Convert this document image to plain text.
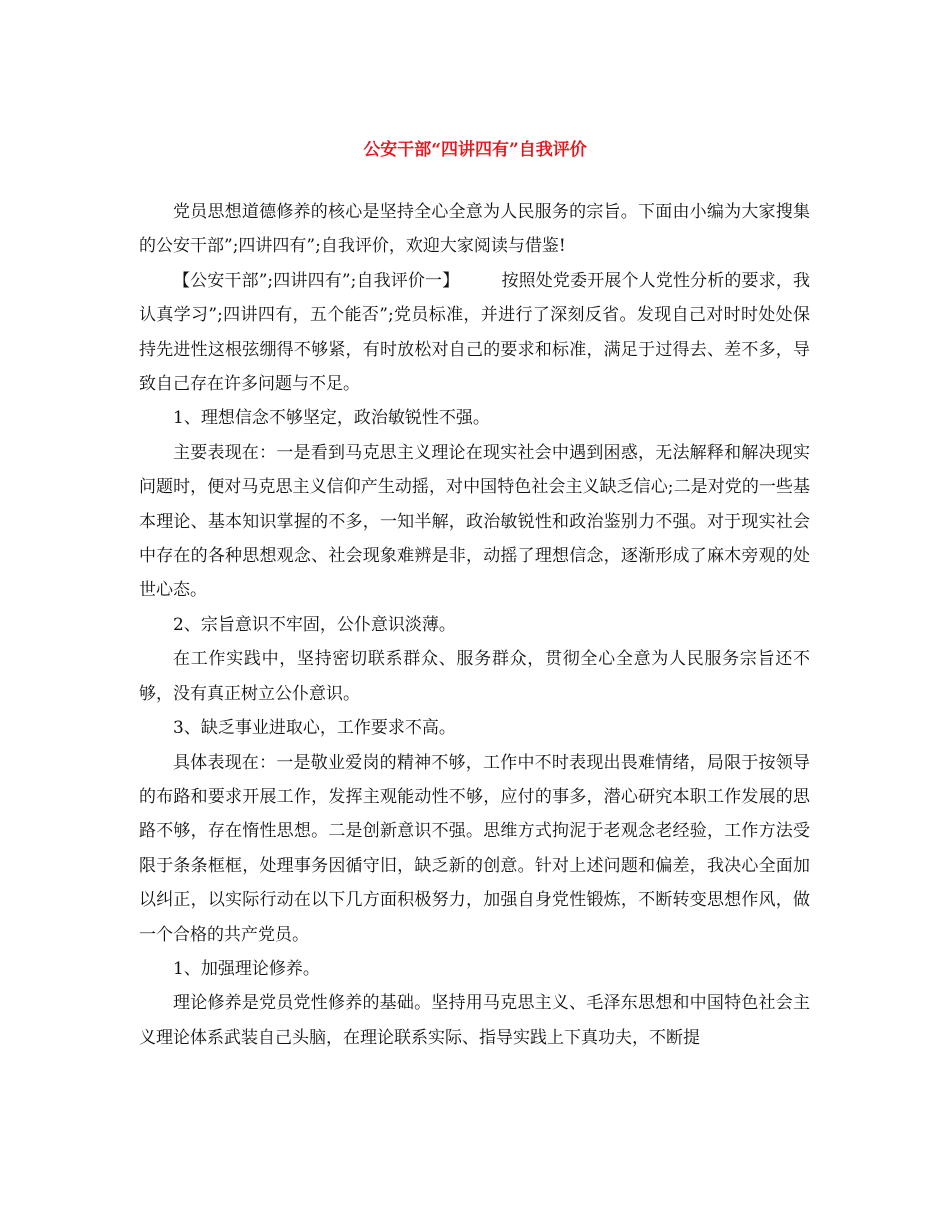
公安干部“四讲四有”自我评价

党员思想道德修养的核心是坚持全心全意为人民服务的宗旨。下面由小编为大家搜集的公安干部”;四讲四有”;自我评价，欢迎大家阅读与借鉴!

【公安干部”;四讲四有”;自我评价一】 按照处党委开展个人党性分析的要求，我认真学习”;四讲四有，五个能否”;党员标准，并进行了深刻反省。发现自己对时时处处保持先进性这根弦绷得不够紧，有时放松对自己的要求和标准，满足于过得去、差不多，导致自己存在许多问题与不足。

1、理想信念不够坚定，政治敏锐性不强。

主要表现在：一是看到马克思主义理论在现实社会中遇到困惑，无法解释和解决现实问题时，便对马克思主义信仰产生动摇，对中国特色社会主义缺乏信心;二是对党的一些基本理论、基本知识掌握的不多，一知半解，政治敏锐性和政治鉴别力不强。对于现实社会中存在的各种思想观念、社会现象难辨是非，动摇了理想信念，逐渐形成了麻木旁观的处世心态。

2、宗旨意识不牢固，公仆意识淡薄。

在工作实践中，坚持密切联系群众、服务群众，贯彻全心全意为人民服务宗旨还不够，没有真正树立公仆意识。

3、缺乏事业进取心，工作要求不高。

具体表现在：一是敬业爱岗的精神不够，工作中不时表现出畏难情绪，局限于按领导的布路和要求开展工作，发挥主观能动性不够，应付的事多，潜心研究本职工作发展的思路不够，存在惰性思想。二是创新意识不强。思维方式拘泥于老观念老经验，工作方法受限于条条框框，处理事务因循守旧，缺乏新的创意。针对上述问题和偏差，我决心全面加以纠正，以实际行动在以下几方面积极努力，加强自身党性锻炼，不断转变思想作风，做一个合格的共产党员。

1、加强理论修养。

理论修养是党员党性修养的基础。坚持用马克思主义、毛泽东思想和中国特色社会主义理论体系武装自己头脑，在理论联系实际、指导实践上下真功夫，不断提
